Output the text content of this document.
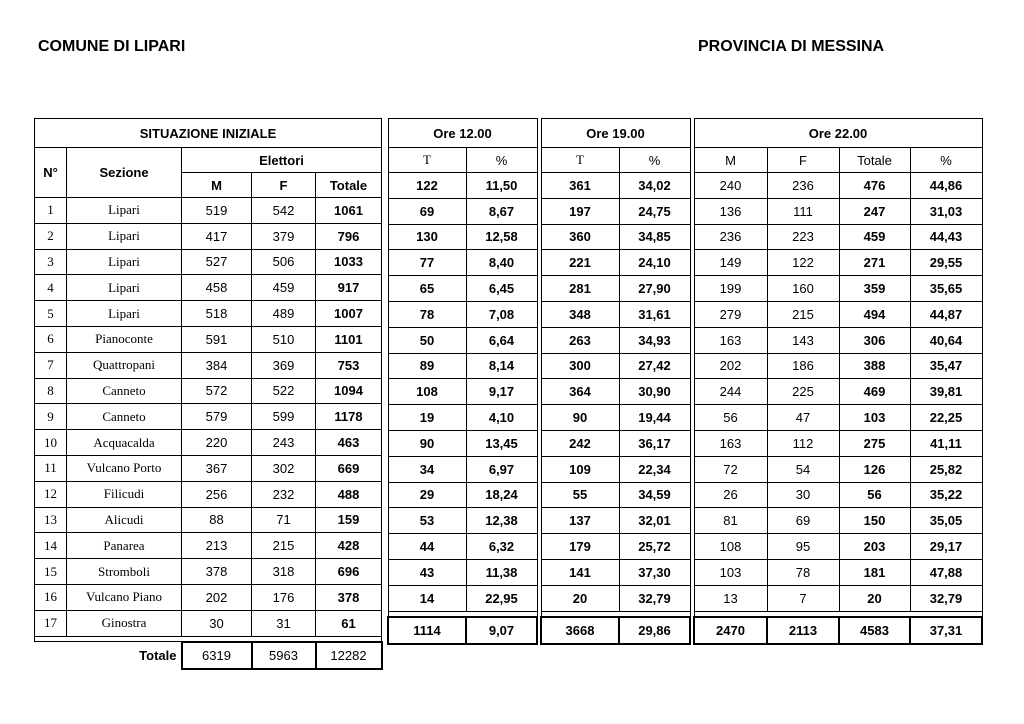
COMUNE DI LIPARI	PROVINCIA DI MESSINA
SITUAZIONE INIZIALE				
N°	Sezione	Elettori		
		M	F	Totale
1	Lipari	519	542	1061
2	Lipari	417	379	796
3	Lipari	527	506	1033
4	Lipari	458	459	917
5	Lipari	518	489	1007
6	Pianoconte	591	510	1101
7	Quattropani	384	369	753
8	Canneto	572	522	1094
9	Canneto	579	599	1178
10	Acquacalda	220	243	463
11	Vulcano Porto	367	302	669
12	Filicudi	256	232	488
13	Alicudi	88	71	159
14	Panarea	213	215	428
15	Stromboli	378	318	696
16	Vulcano Piano	202	176	378
17	Ginostra	30	31	61

Totale		6319	5963	12282
Ore 12.00	
T	%

122	11,50
69	8,67
130	12,58
77	8,40
65	6,45
78	7,08
50	6,64
89	8,14
108	9,17
19	4,10
90	13,45
34	6,97
29	18,24
53	12,38
44	6,32
43	11,38
14	22,95

1114	9,07
Ore 19.00	
T	%

361	34,02
197	24,75
360	34,85
221	24,10
281	27,90
348	31,61
263	34,93
300	27,42
364	30,90
90	19,44
242	36,17
109	22,34
55	34,59
137	32,01
179	25,72
141	37,30
20	32,79

3668	29,86
Ore 22.00			
M	F	Totale	%

240	236	476	44,86
136	111	247	31,03
236	223	459	44,43
149	122	271	29,55
199	160	359	35,65
279	215	494	44,87
163	143	306	40,64
202	186	388	35,47
244	225	469	39,81
56	47	103	22,25
163	112	275	41,11
72	54	126	25,82
26	30	56	35,22
81	69	150	35,05
108	95	203	29,17
103	78	181	47,88
13	7	20	32,79

2470	2113	4583	37,31
